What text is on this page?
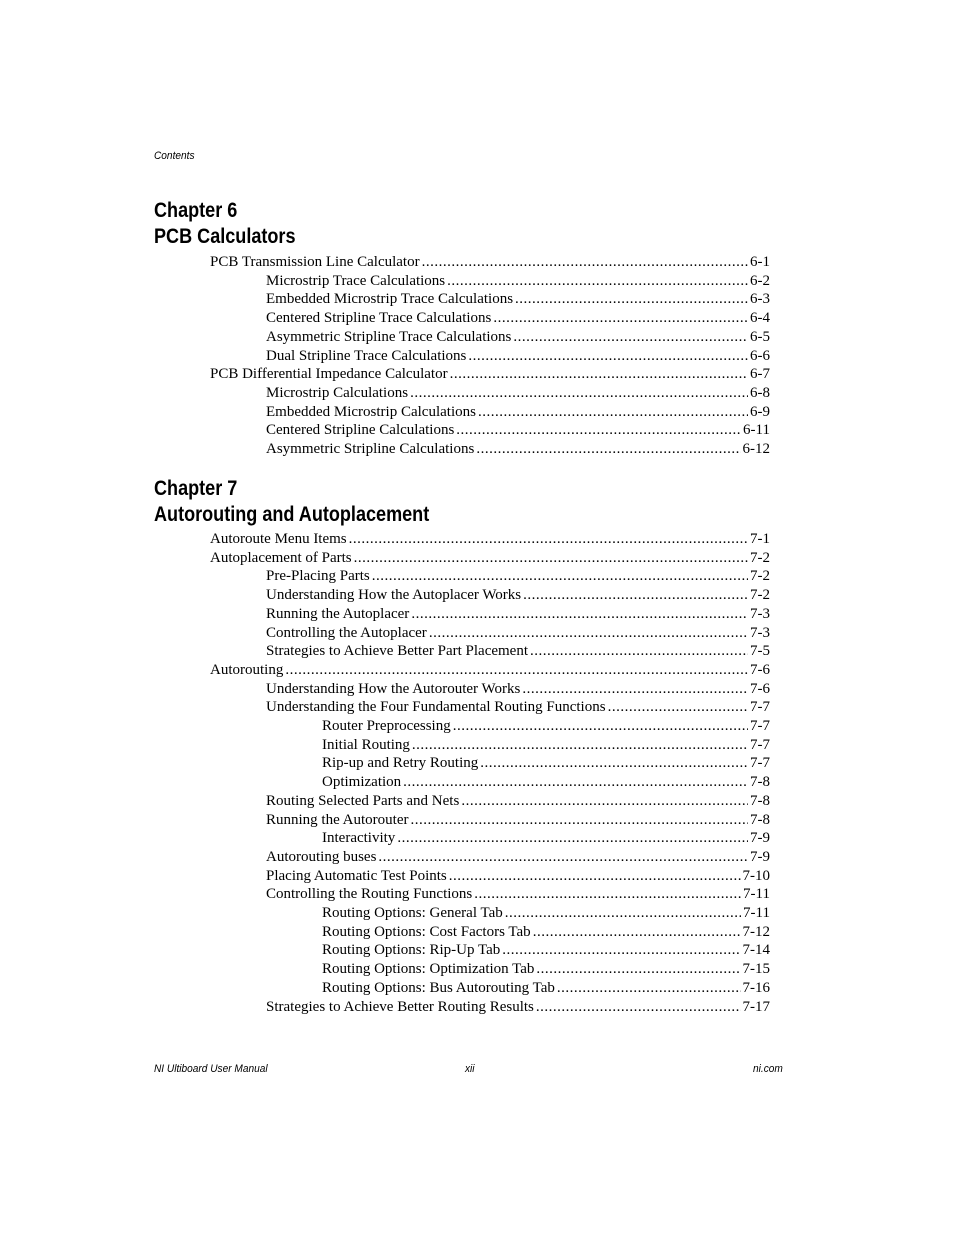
Contents
Chapter 6
PCB Calculators
PCB Transmission Line Calculator .....	6-1
Microstrip Trace Calculations .....	6-2
Embedded Microstrip Trace Calculations .....	6-3
Centered Stripline Trace Calculations .....	6-4
Asymmetric Stripline Trace Calculations .....	6-5
Dual Stripline Trace Calculations .....	6-6
PCB Differential Impedance Calculator .....	6-7
Microstrip Calculations .....	6-8
Embedded Microstrip Calculations .....	6-9
Centered Stripline Calculations .....	6-11
Asymmetric Stripline Calculations .....	6-12
Chapter 7
Autorouting and Autoplacement
Autoroute Menu Items .....	7-1
Autoplacement of Parts .....	7-2
Pre-Placing Parts .....	7-2
Understanding How the Autoplacer Works .....	7-2
Running the Autoplacer .....	7-3
Controlling the Autoplacer .....	7-3
Strategies to Achieve Better Part Placement .....	7-5
Autorouting .....	7-6
Understanding How the Autorouter Works .....	7-6
Understanding the Four Fundamental Routing Functions .....	7-7
Router Preprocessing .....	7-7
Initial Routing .....	7-7
Rip-up and Retry Routing .....	7-7
Optimization .....	7-8
Routing Selected Parts and Nets .....	7-8
Running the Autorouter .....	7-8
Interactivity .....	7-9
Autorouting buses .....	7-9
Placing Automatic Test Points .....	7-10
Controlling the Routing Functions .....	7-11
Routing Options: General Tab .....	7-11
Routing Options: Cost Factors Tab .....	7-12
Routing Options: Rip-Up Tab .....	7-14
Routing Options: Optimization Tab .....	7-15
Routing Options: Bus Autorouting Tab .....	7-16
Strategies to Achieve Better Routing Results .....	7-17
NI Ultiboard User Manual	xii	ni.com
